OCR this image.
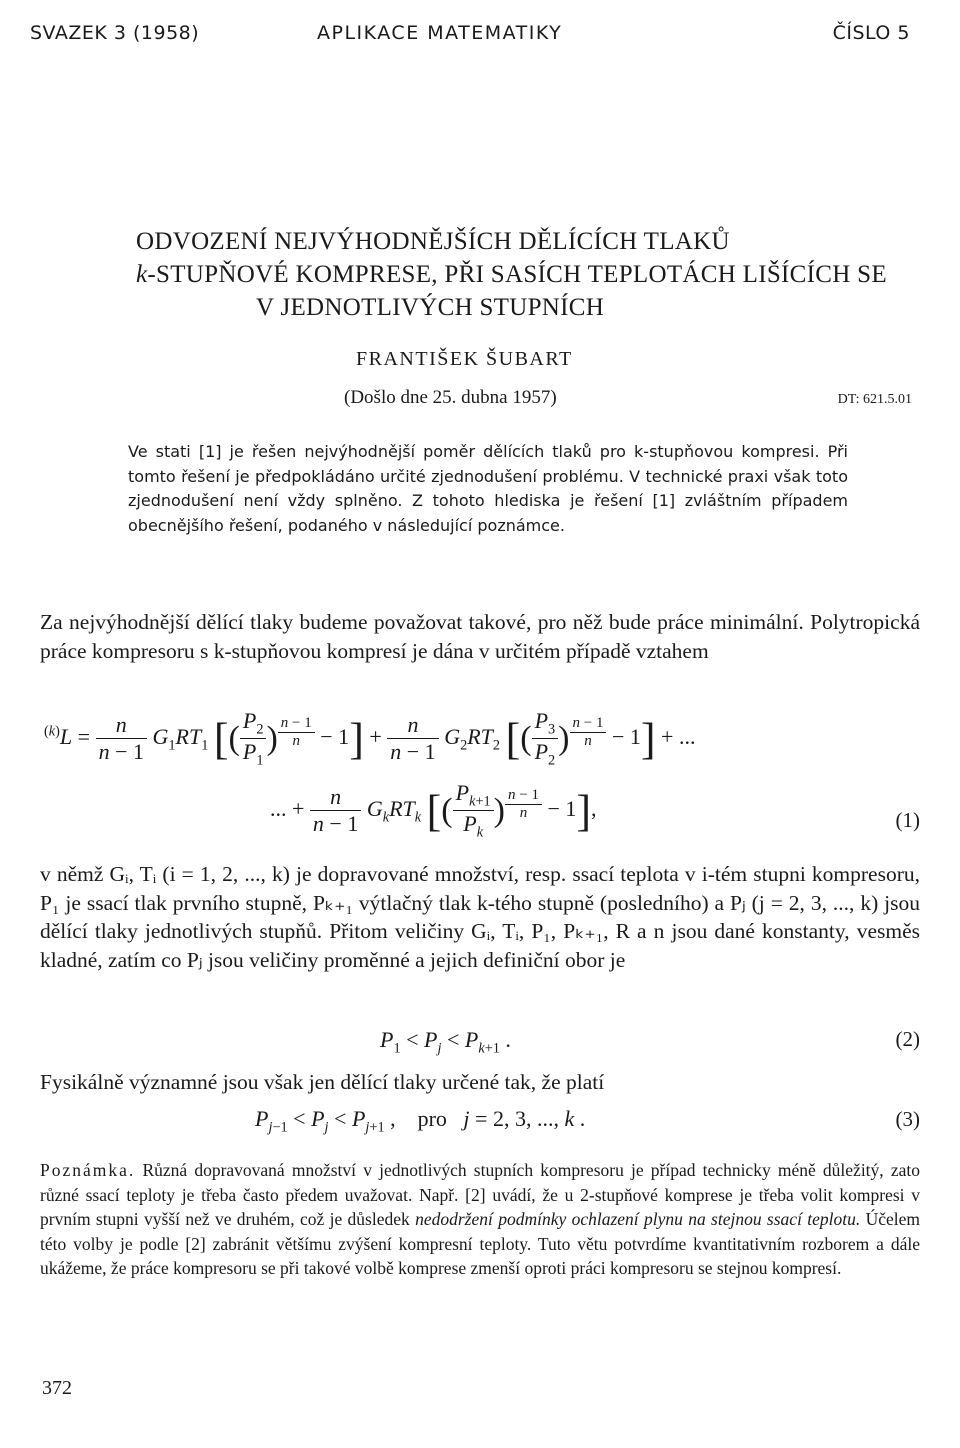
SVAZEK 3 (1958)	APLIKACE MATEMATIKY	ČÍSLO 5
ODVOZENÍ NEJVÝHODNĚJŠÍCH DĚLÍCÍCH TLAKŮ
k-STUPŇOVÉ KOMPRESE, PŘI SASÍCH TEPLOTÁCH LIŠÍCÍCH SE
V JEDNOTLIVÝCH STUPNÍCH
FRANTIŠEK ŠUBART
(Došlo dne 25. dubna 1957)	DT: 621.5.01

Ve stati [1] je řešen nejvýhodnější poměr dělících tlaků pro k-stupňovou kompresi. Při tomto řešení je předpokládáno určité zjednodušení problému. V technické praxi však toto zjednodušení není vždy splněno. Z tohoto hlediska je řešení [1] zvláštním případem obecnějšího řešení, podaného v následující poznámce.

Za nejvýhodnější dělící tlaky budeme považovat takové, pro něž bude práce minimální. Polytropická práce kompresoru s k-stupňovou kompresí je dána v určitém případě vztahem

$^{(k)}L = \frac{n}{n - 1} G_1RT_1$ [( $\frac{P_2}{P_1}$ ) $^{\frac{n - 1}{n}} - 1] + \frac{n}{n - 1} G_2RT_2$ [( $\frac{P_3}{P_2}$ ) $^{\frac{n - 1}{n}}$ − 1] + ...
... + $\frac{n}{n - 1} G_kRT_k$ [( $\frac{P_{k+1}}{P_k}$ ) $^{\frac{n - 1}{n}}$ − 1],	(1)

v němž Gᵢ, Tᵢ (i = 1, 2, ..., k) je dopravované množství, resp. ssací teplota v i-tém stupni kompresoru, P₁ je ssací tlak prvního stupně, Pₖ₊₁ výtlačný tlak k-tého stupně (posledního) a Pⱼ (j = 2, 3, ..., k) jsou dělící tlaky jednotlivých stupňů. Přitom veličiny Gᵢ, Tᵢ, P₁, Pₖ₊₁, R a n jsou dané konstanty, vesměs kladné, zatím co Pⱼ jsou veličiny proměnné a jejich definiční obor je

$P_1 < P_j < P_{k+1}$ .	(2)

Fysikálně významné jsou však jen dělící tlaky určené tak, že platí

$P_{j-1} < P_j < P_{j+1}$ ,    pro   j = 2, 3, ..., k .	(3)

Poznámka. Různá dopravovaná množství v jednotlivých stupních kompresoru je případ technicky méně důležitý, zato různé ssací teploty je třeba často předem uvažovat. Např. [2] uvádí, že u 2-stupňové komprese je třeba volit kompresi v prvním stupni vyšší než ve druhém, což je důsledek nedodržení podmínky ochlazení plynu na stejnou ssací teplotu. Účelem této volby je podle [2] zabránit většímu zvýšení kompresní teploty. Tuto větu potvrdíme kvantitativním rozborem a dále ukážeme, že práce kompresoru se při takové volbě komprese zmenší oproti práci kompresoru se stejnou kompresí.

372
